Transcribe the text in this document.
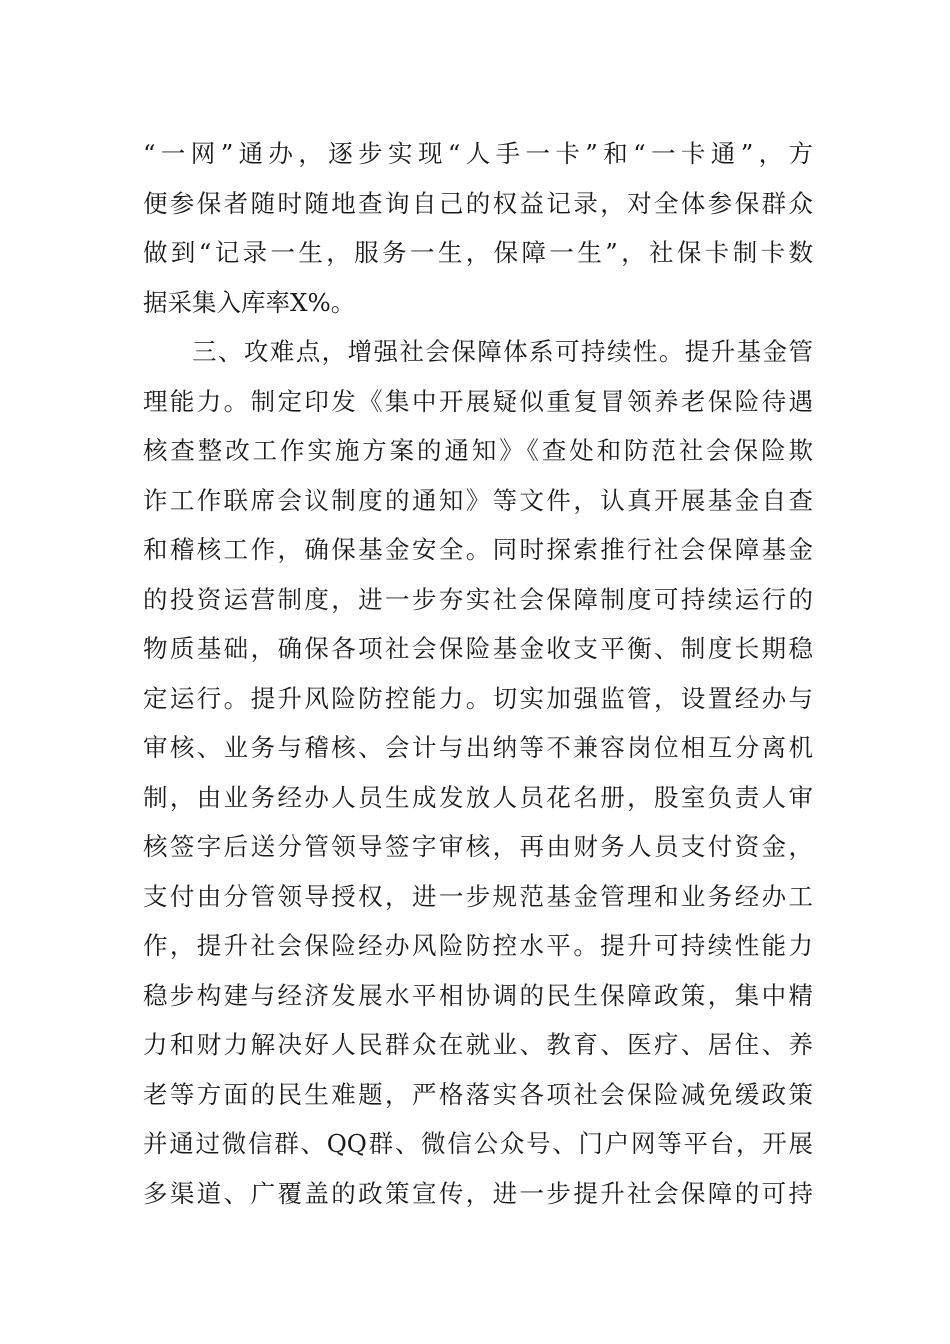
“一网”通办，逐步实现“人手一卡”和“一卡通”，方
便参保者随时随地查询自己的权益记录，对全体参保群众
做到“记录一生，服务一生，保障一生”，社保卡制卡数
据采集入库率X%。
三、攻难点，增强社会保障体系可持续性。提升基金管
理能力。制定印发《集中开展疑似重复冒领养老保险待遇
核查整改工作实施方案的通知》《查处和防范社会保险欺
诈工作联席会议制度的通知》等文件，认真开展基金自查
和稽核工作，确保基金安全。同时探索推行社会保障基金
的投资运营制度，进一步夯实社会保障制度可持续运行的
物质基础，确保各项社会保险基金收支平衡、制度长期稳
定运行。提升风险防控能力。切实加强监管，设置经办与
审核、业务与稽核、会计与出纳等不兼容岗位相互分离机
制，由业务经办人员生成发放人员花名册，股室负责人审
核签字后送分管领导签字审核，再由财务人员支付资金，
支付由分管领导授权，进一步规范基金管理和业务经办工
作，提升社会保险经办风险防控水平。提升可持续性能力
稳步构建与经济发展水平相协调的民生保障政策，集中精
力和财力解决好人民群众在就业、教育、医疗、居住、养
老等方面的民生难题，严格落实各项社会保险减免缓政策
并通过微信群、QQ群、微信公众号、门户网等平台，开展
多渠道、广覆盖的政策宣传，进一步提升社会保障的可持
